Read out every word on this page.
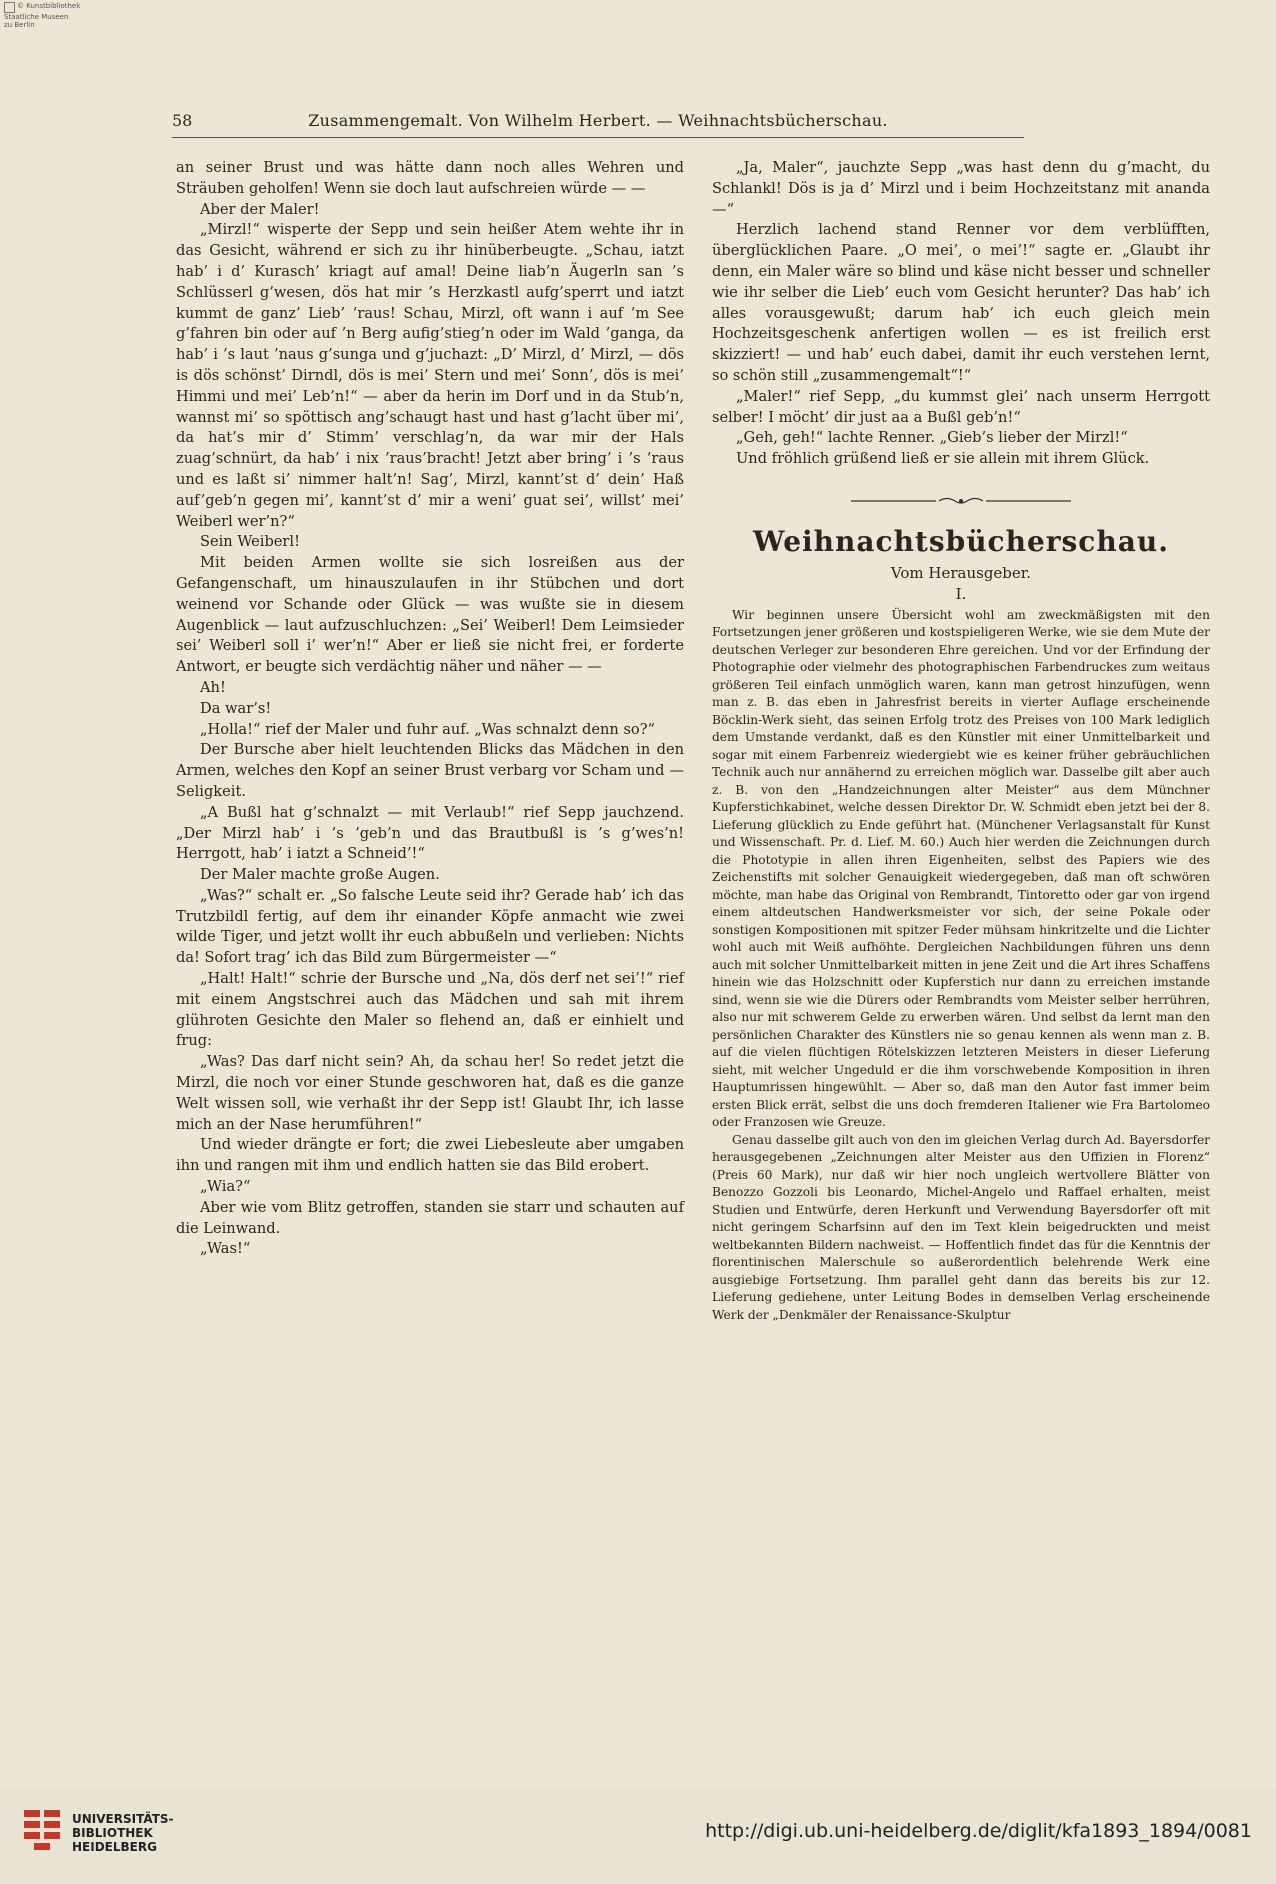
© Kunstbibliothek
Staatliche Museen
zu Berlin
58	Zusammengemalt. Von Wilhelm Herbert. — Weihnachtsbücherschau.

an seiner Brust und was hätte dann noch alles Wehren und Sträuben geholfen! Wenn sie doch laut aufschreien würde — —

Aber der Maler!

„Mirzl!“ wisperte der Sepp und sein heißer Atem wehte ihr in das Gesicht, während er sich zu ihr hinüberbeugte. „Schau, iatzt hab’ i d’ Kurasch’ kriagt auf amal! Deine liab’n Äugerln san ’s Schlüsserl g’wesen, dös hat mir ’s Herzkastl aufg’sperrt und iatzt kummt de ganz’ Lieb’ ’raus! Schau, Mirzl, oft wann i auf ’m See g’fahren bin oder auf ’n Berg aufig’stieg’n oder im Wald ’ganga, da hab’ i ’s laut ’naus g’sunga und g’juchazt: „D’ Mirzl, d’ Mirzl, — dös is dös schönst’ Dirndl, dös is mei’ Stern und mei’ Sonn’, dös is mei’ Himmi und mei’ Leb’n!“ — aber da herin im Dorf und in da Stub’n, wannst mi’ so spöttisch ang’schaugt hast und hast g’lacht über mi’, da hat’s mir d’ Stimm’ verschlag’n, da war mir der Hals zuag’schnürt, da hab’ i nix ’raus’bracht! Jetzt aber bring’ i ’s ’raus und es laßt si’ nimmer halt’n! Sag’, Mirzl, kannt’st d’ dein’ Haß auf’geb’n gegen mi’, kannt’st d’ mir a weni’ guat sei’, willst’ mei’ Weiberl wer’n?“

Sein Weiberl!

Mit beiden Armen wollte sie sich losreißen aus der Gefangenschaft, um hinauszulaufen in ihr Stübchen und dort weinend vor Schande oder Glück — was wußte sie in diesem Augenblick — laut aufzuschluchzen: „Sei’ Weiberl! Dem Leimsieder sei’ Weiberl soll i’ wer’n!“ Aber er ließ sie nicht frei, er forderte Antwort, er beugte sich verdächtig näher und näher — —

Ah!

Da war’s!

„Holla!“ rief der Maler und fuhr auf. „Was schnalzt denn so?“

Der Bursche aber hielt leuchtenden Blicks das Mädchen in den Armen, welches den Kopf an seiner Brust verbarg vor Scham und — Seligkeit.

„A Bußl hat g’schnalzt — mit Verlaub!“ rief Sepp jauchzend. „Der Mirzl hab’ i ’s ’geb’n und das Brautbußl is ’s g’wes’n! Herrgott, hab’ i iatzt a Schneid’!“

Der Maler machte große Augen.

„Was?“ schalt er. „So falsche Leute seid ihr? Gerade hab’ ich das Trutzbildl fertig, auf dem ihr einander Köpfe anmacht wie zwei wilde Tiger, und jetzt wollt ihr euch abbußeln und verlieben: Nichts da! Sofort trag’ ich das Bild zum Bürgermeister —“

„Halt! Halt!“ schrie der Bursche und „Na, dös derf net sei’!“ rief mit einem Angstschrei auch das Mädchen und sah mit ihrem glühroten Gesichte den Maler so flehend an, daß er einhielt und frug:

„Was? Das darf nicht sein? Ah, da schau her! So redet jetzt die Mirzl, die noch vor einer Stunde geschworen hat, daß es die ganze Welt wissen soll, wie verhaßt ihr der Sepp ist! Glaubt Ihr, ich lasse mich an der Nase herumführen!“

Und wieder drängte er fort; die zwei Liebesleute aber umgaben ihn und rangen mit ihm und endlich hatten sie das Bild erobert.

„Wia?“

Aber wie vom Blitz getroffen, standen sie starr und schauten auf die Leinwand.

„Was!“

„Ja, Maler“, jauchzte Sepp „was hast denn du g’macht, du Schlankl! Dös is ja d’ Mirzl und i beim Hochzeitstanz mit ananda —“

Herzlich lachend stand Renner vor dem verblüfften, überglücklichen Paare. „O mei’, o mei’!“ sagte er. „Glaubt ihr denn, ein Maler wäre so blind und käse nicht besser und schneller wie ihr selber die Lieb’ euch vom Gesicht herunter? Das hab’ ich alles vorausgewußt; darum hab’ ich euch gleich mein Hochzeitsgeschenk anfertigen wollen — es ist freilich erst skizziert! — und hab’ euch dabei, damit ihr euch verstehen lernt, so schön still „zusammengemalt“!“

„Maler!“ rief Sepp, „du kummst glei’ nach unserm Herrgott selber! I möcht’ dir just aa a Bußl geb’n!“

„Geh, geh!“ lachte Renner. „Gieb’s lieber der Mirzl!“

Und fröhlich grüßend ließ er sie allein mit ihrem Glück.

Weihnachtsbücherschau.
Vom Herausgeber.
I.

Wir beginnen unsere Übersicht wohl am zweckmäßigsten mit den Fortsetzungen jener größeren und kostspieligeren Werke, wie sie dem Mute der deutschen Verleger zur besonderen Ehre gereichen. Und vor der Erfindung der Photographie oder vielmehr des photographischen Farbendruckes zum weitaus größeren Teil einfach unmöglich waren, kann man getrost hinzufügen, wenn man z. B. das eben in Jahresfrist bereits in vierter Auflage erscheinende Böcklin-Werk sieht, das seinen Erfolg trotz des Preises von 100 Mark lediglich dem Umstande verdankt, daß es den Künstler mit einer Unmittelbarkeit und sogar mit einem Farbenreiz wiedergiebt wie es keiner früher gebräuchlichen Technik auch nur annähernd zu erreichen möglich war. Dasselbe gilt aber auch z. B. von den „Handzeichnungen alter Meister“ aus dem Münchner Kupferstichkabinet, welche dessen Direktor Dr. W. Schmidt eben jetzt bei der 8. Lieferung glücklich zu Ende geführt hat. (Münchener Verlagsanstalt für Kunst und Wissenschaft. Pr. d. Lief. M. 60.) Auch hier werden die Zeichnungen durch die Phototypie in allen ihren Eigenheiten, selbst des Papiers wie des Zeichenstifts mit solcher Genauigkeit wiedergegeben, daß man oft schwören möchte, man habe das Original von Rembrandt, Tintoretto oder gar von irgend einem altdeutschen Handwerksmeister vor sich, der seine Pokale oder sonstigen Kompositionen mit spitzer Feder mühsam hinkritzelte und die Lichter wohl auch mit Weiß aufhöhte. Dergleichen Nachbildungen führen uns denn auch mit solcher Unmittelbarkeit mitten in jene Zeit und die Art ihres Schaffens hinein wie das Holzschnitt oder Kupferstich nur dann zu erreichen imstande sind, wenn sie wie die Dürers oder Rembrandts vom Meister selber herrühren, also nur mit schwerem Gelde zu erwerben wären. Und selbst da lernt man den persönlichen Charakter des Künstlers nie so genau kennen als wenn man z. B. auf die vielen flüchtigen Rötelskizzen letzteren Meisters in dieser Lieferung sieht, mit welcher Ungeduld er die ihm vorschwebende Komposition in ihren Hauptumrissen hingewühlt. — Aber so, daß man den Autor fast immer beim ersten Blick errät, selbst die uns doch fremderen Italiener wie Fra Bartolomeo oder Franzosen wie Greuze.

Genau dasselbe gilt auch von den im gleichen Verlag durch Ad. Bayersdorfer herausgegebenen „Zeichnungen alter Meister aus den Uffizien in Florenz“ (Preis 60 Mark), nur daß wir hier noch ungleich wertvollere Blätter von Benozzo Gozzoli bis Leonardo, Michel-Angelo und Raffael erhalten, meist Studien und Entwürfe, deren Herkunft und Verwendung Bayersdorfer oft mit nicht geringem Scharfsinn auf den im Text klein beigedruckten und meist weltbekannten Bildern nachweist. — Hoffentlich findet das für die Kenntnis der florentinischen Malerschule so außerordentlich belehrende Werk eine ausgiebige Fortsetzung. Ihm parallel geht dann das bereits bis zur 12. Lieferung gediehene, unter Leitung Bodes in demselben Verlag erscheinende Werk der „Denkmäler der Renaissance-Skulptur

UNIVERSITÄTS-
BIBLIOTHEK
HEIDELBERG
http://digi.ub.uni-heidelberg.de/diglit/kfa1893_1894/0081
